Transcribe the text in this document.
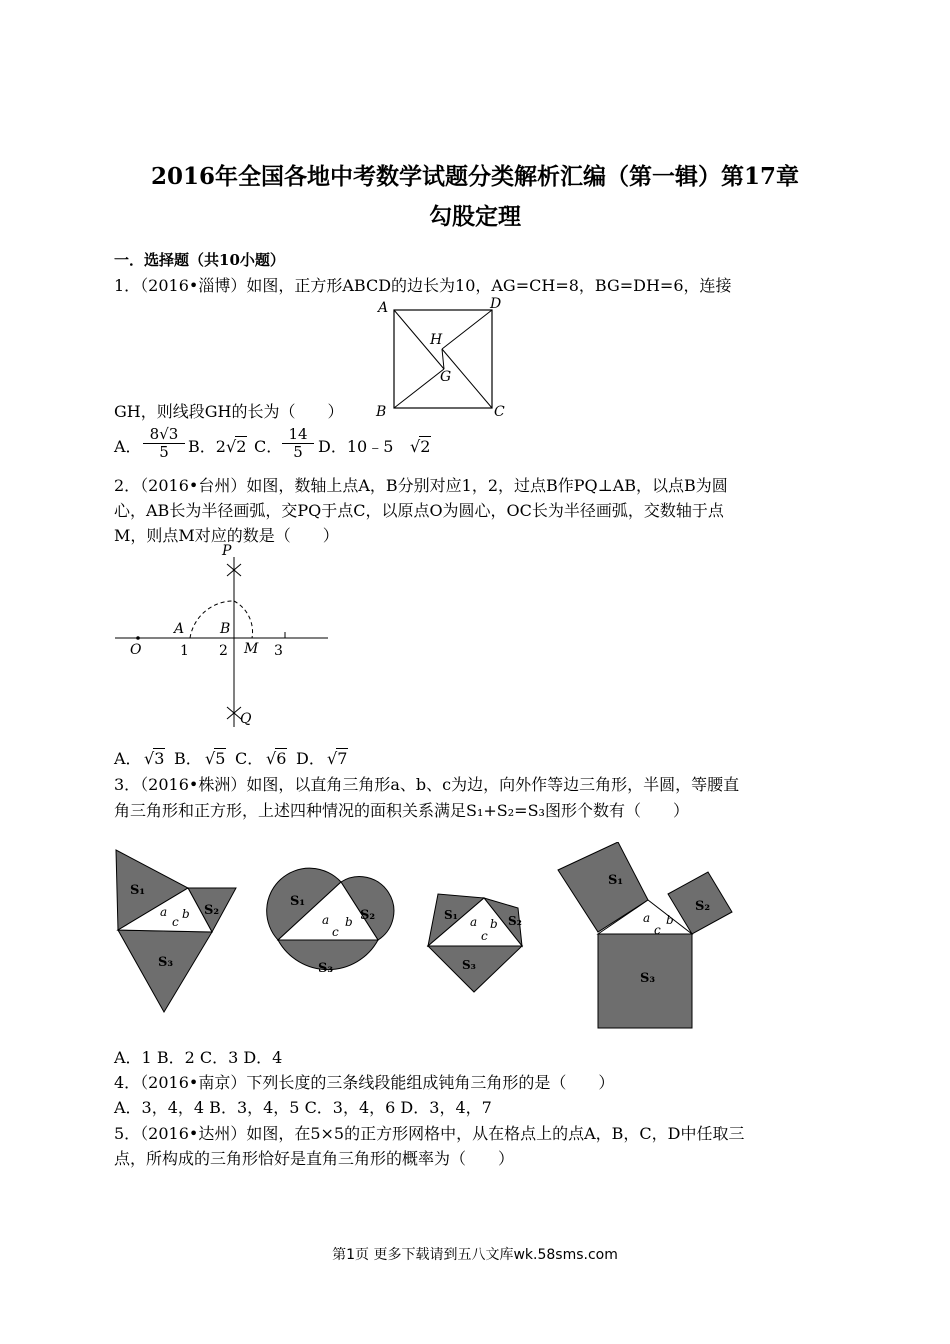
2016年全国各地中考数学试题分类解析汇编（第一辑）第17章
勾股定理
一．选择题（共10小题）
1．（2016•淄博）如图，正方形ABCD的边长为10，AG=CH=8，BG=DH=6，连接
A
B	C
D
H
G
GH，则线段GH的长为（　　）
A． $\frac{8√3}{5}$ B．2 √2 C． $\frac{14}{5}$ D．10﹣5 √2
2．（2016•台州）如图，数轴上点A，B分别对应1，2，过点B作PQ⊥AB，以点B为圆
心，AB长为半径画弧，交PQ于点C，以原点O为圆心，OC长为半径画弧，交数轴于点
M，则点M对应的数是（　　）
O
A	B
P
Q
M
1 2	3
A． √3 B． √5 C． √6 D． √7
3．（2016•株洲）如图，以直角三角形a、b、c为边，向外作等边三角形，半圆，等腰直
角三角形和正方形，上述四种情况的面积关系满足S₁+S₂=S₃图形个数有（　　）
S₁
S₂
S₃
a b
c
S₁
S₂
S₃
a b
c
S₁	S₂
S₃
a b
c
S₁
S₂
S₃
a b
c
A．1 B．2 C．3 D．4
4．（2016•南京）下列长度的三条线段能组成钝角三角形的是（　　）
A．3，4，4 B．3，4，5 C．3，4，6 D．3，4，7
5．（2016•达州）如图，在5×5的正方形网格中，从在格点上的点A，B，C，D中任取三
点，所构成的三角形恰好是直角三角形的概率为（　　）
第1页 更多下载请到五八文库wk.58sms.com
